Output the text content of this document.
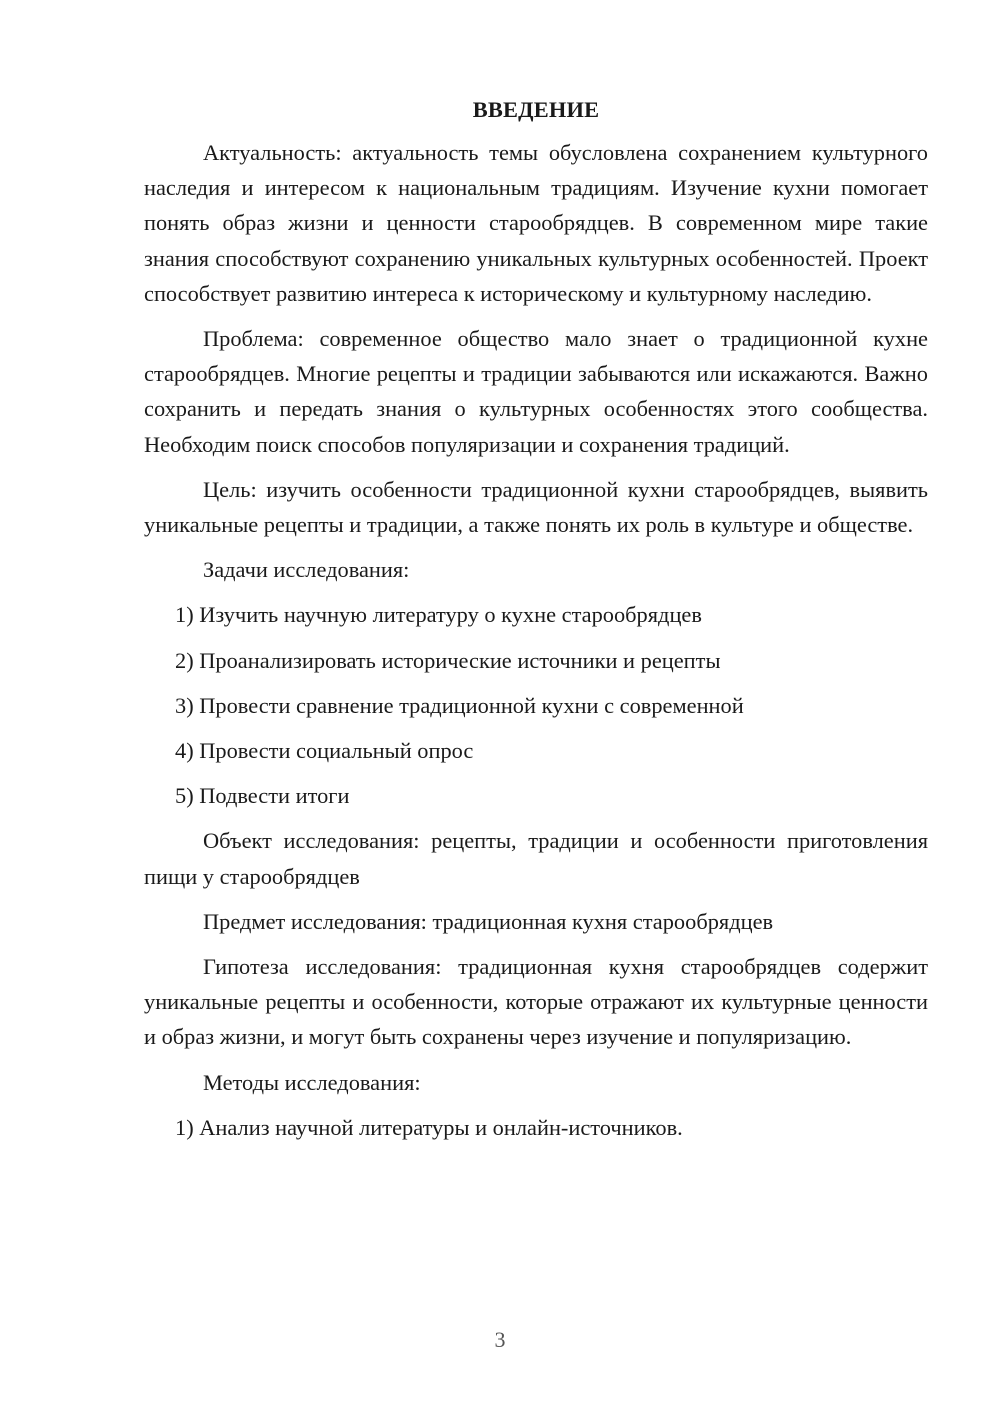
ВВЕДЕНИЕ

Актуальность: актуальность темы обусловлена сохранением культурного наследия и интересом к национальным традициям. Изучение кухни помогает понять образ жизни и ценности старообрядцев. В современном мире такие знания способствуют сохранению уникальных культурных особенностей. Проект способствует развитию интереса к историческому и культурному наследию.

Проблема: современное общество мало знает о традиционной кухне старообрядцев. Многие рецепты и традиции забываются или искажаются. Важно сохранить и передать знания о культурных особенностях этого сообщества. Необходим поиск способов популяризации и сохранения традиций.

Цель: изучить особенности традиционной кухни старообрядцев, выявить уникальные рецепты и традиции, а также понять их роль в культуре и обществе.

Задачи исследования:

1) Изучить научную литературу о кухне старообрядцев
2) Проанализировать исторические источники и рецепты
3) Провести сравнение традиционной кухни с современной
4) Провести социальный опрос
5) Подвести итоги

Объект исследования: рецепты, традиции и особенности приготовления пищи у старообрядцев

Предмет исследования: традиционная кухня старообрядцев

Гипотеза исследования: традиционная кухня старообрядцев содержит уникальные рецепты и особенности, которые отражают их культурные ценности и образ жизни, и могут быть сохранены через изучение и популяризацию.

Методы исследования:

1) Анализ научной литературы и онлайн-источников.
3
